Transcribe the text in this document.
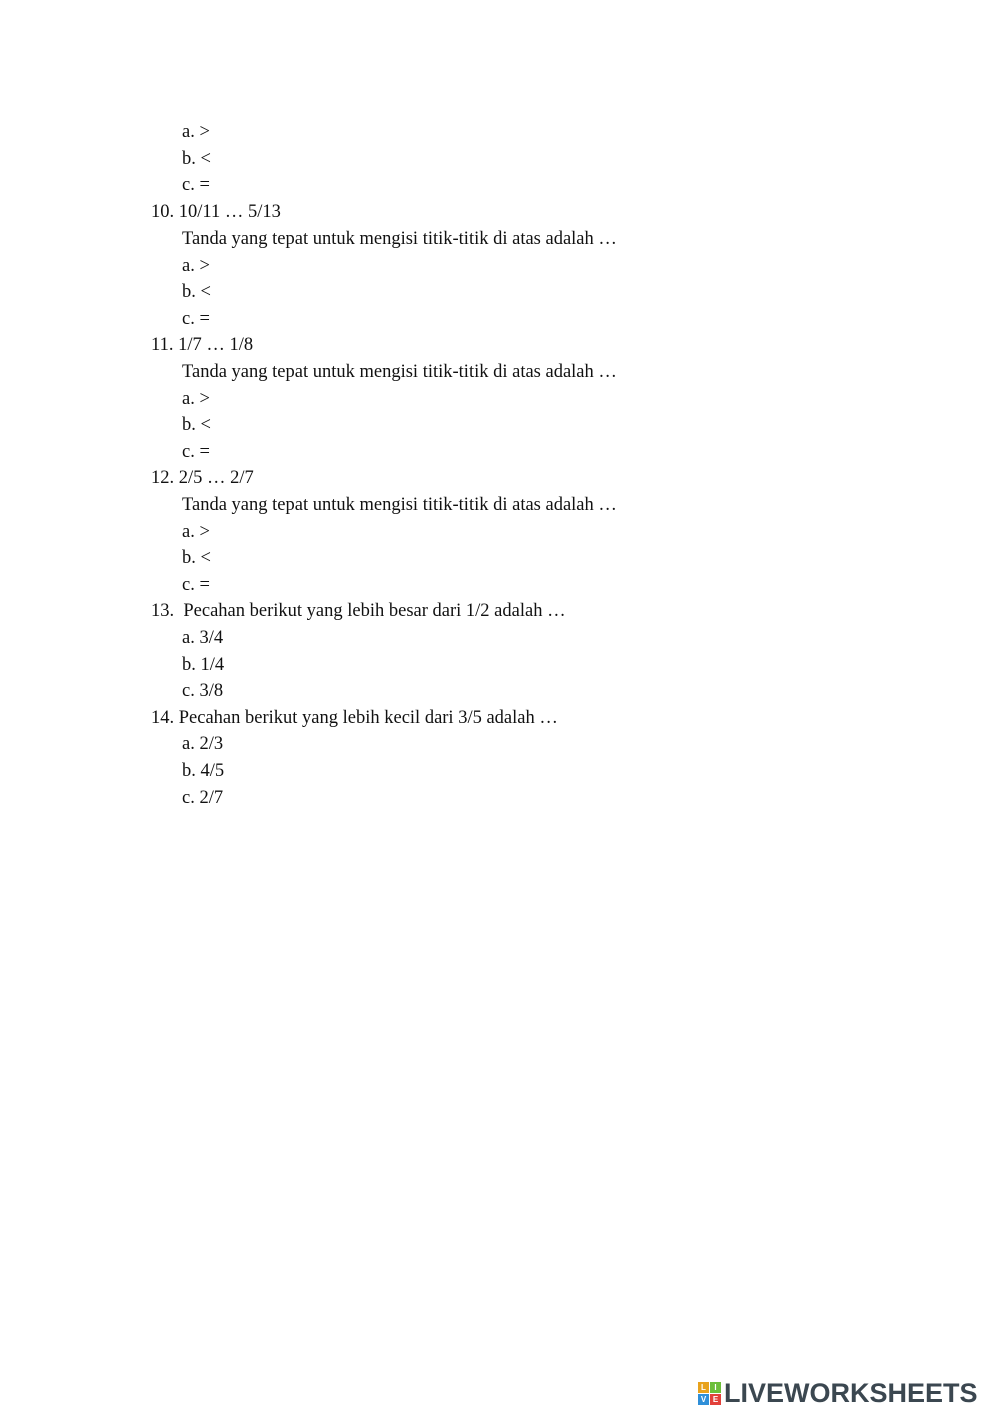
a. >
b. <
c. =
10. 10/11 … 5/13
Tanda yang tepat untuk mengisi titik-titik di atas adalah …
a. >
b. <
c. =
11. 1/7 … 1/8
Tanda yang tepat untuk mengisi titik-titik di atas adalah …
a. >
b. <
c. =
12. 2/5 … 2/7
Tanda yang tepat untuk mengisi titik-titik di atas adalah …
a. >
b. <
c. =
13.  Pecahan berikut yang lebih besar dari 1/2 adalah …
a. 3/4
b. 1/4
c. 3/8
14. Pecahan berikut yang lebih kecil dari 3/5 adalah …
a. 2/3
b. 4/5
c. 2/7
L	I
V E LIVEWORKSHEETS
